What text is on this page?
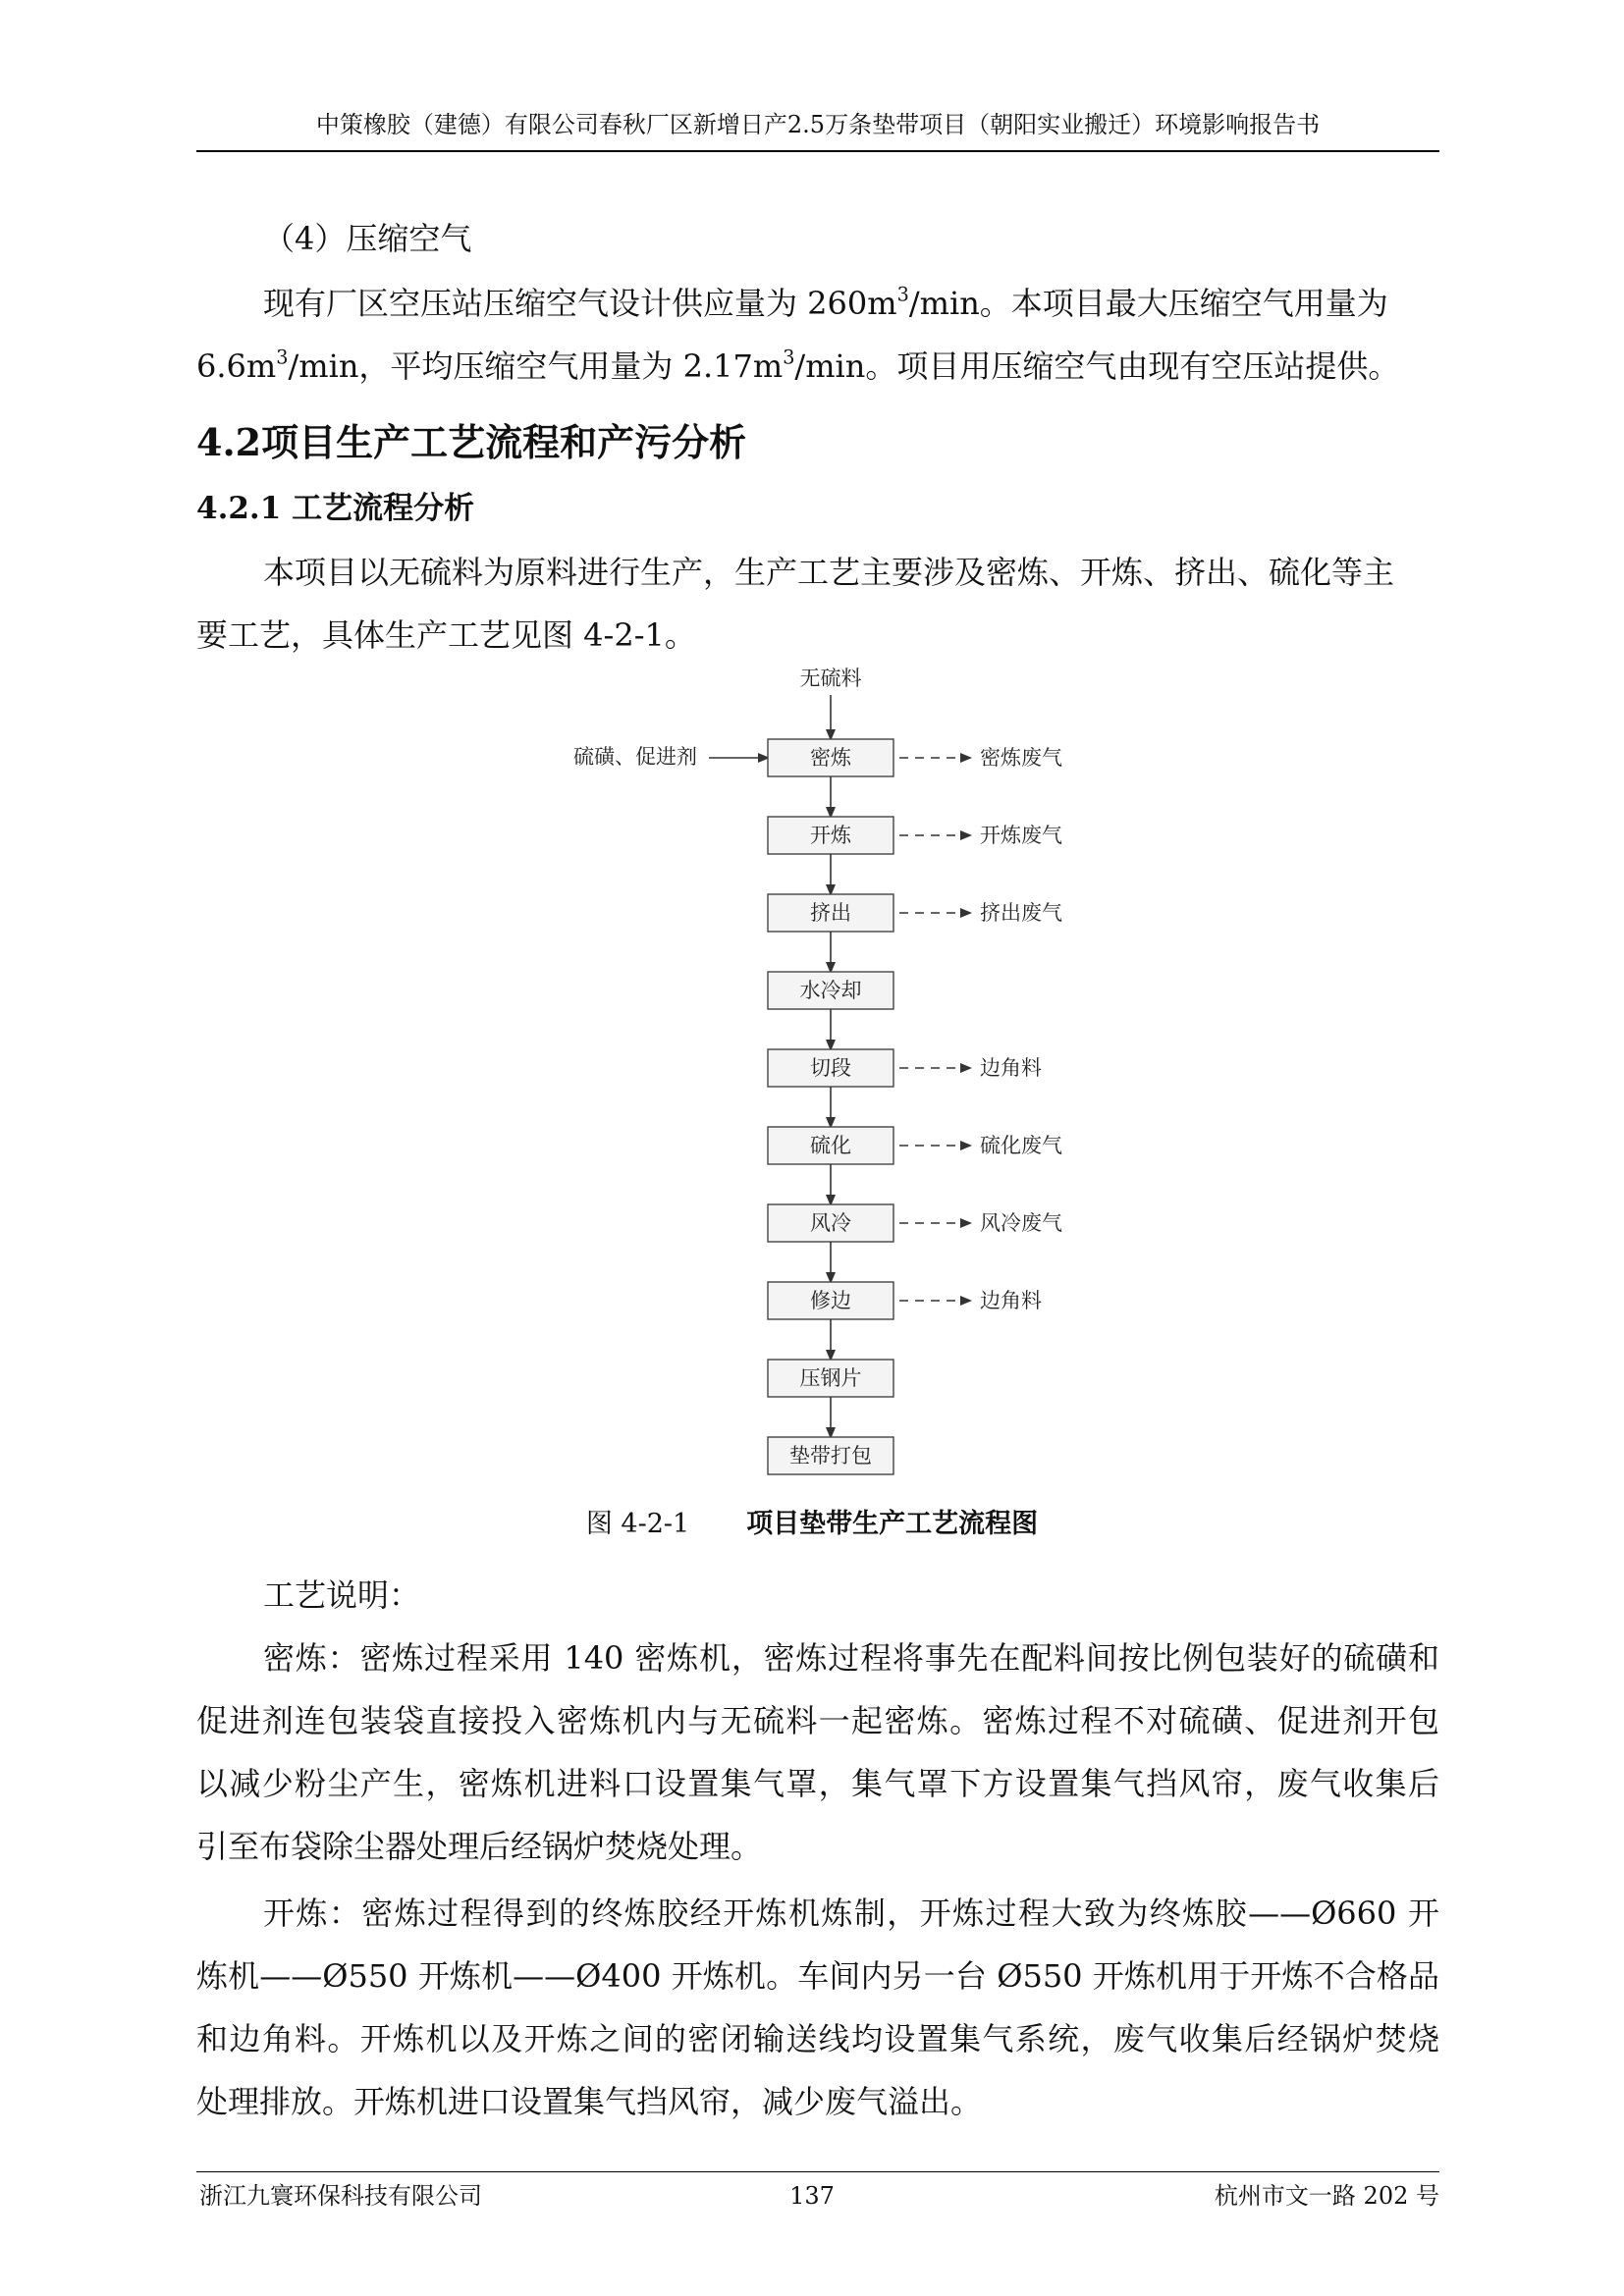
中策橡胶（建德）有限公司春秋厂区新增日产2.5万条垫带项目（朝阳实业搬迁）环境影响报告书
（4）压缩空气
现有厂区空压站压缩空气设计供应量为 $260m^3/\min$。本项目最大压缩空气用量为
$6.6m^3/\min$，平均压缩空气用量为 $2.17m^3/\min$。项目用压缩空气由现有空压站提供。
4.2项目生产工艺流程和产污分析
4.2.1 工艺流程分析
本项目以无硫料为原料进行生产，生产工艺主要涉及密炼、开炼、挤出、硫化等主
要工艺，具体生产工艺见图 4-2-1。
无硫料
硫磺、促进剂	密炼	密炼废气
开炼	开炼废气
挤出	挤出废气
水冷却
切段	边角料
硫化	硫化废气
风冷	风冷废气
修边	边角料
压钢片
垫带打包
图 4-2-1 项目垫带生产工艺流程图
工艺说明：
密炼：密炼过程采用 140 密炼机，密炼过程将事先在配料间按比例包装好的硫磺和
促进剂连包装袋直接投入密炼机内与无硫料一起密炼。密炼过程不对硫磺、促进剂开包
以减少粉尘产生，密炼机进料口设置集气罩，集气罩下方设置集气挡风帘，废气收集后
引至布袋除尘器处理后经锅炉焚烧处理。
开炼：密炼过程得到的终炼胶经开炼机炼制，开炼过程大致为终炼胶——Ø660 开
炼机——Ø550 开炼机——Ø400 开炼机。车间内另一台 Ø550 开炼机用于开炼不合格品
和边角料。开炼机以及开炼之间的密闭输送线均设置集气系统，废气收集后经锅炉焚烧
处理排放。开炼机进口设置集气挡风帘，减少废气溢出。
浙江九寰环保科技有限公司	137	杭州市文一路 202 号
